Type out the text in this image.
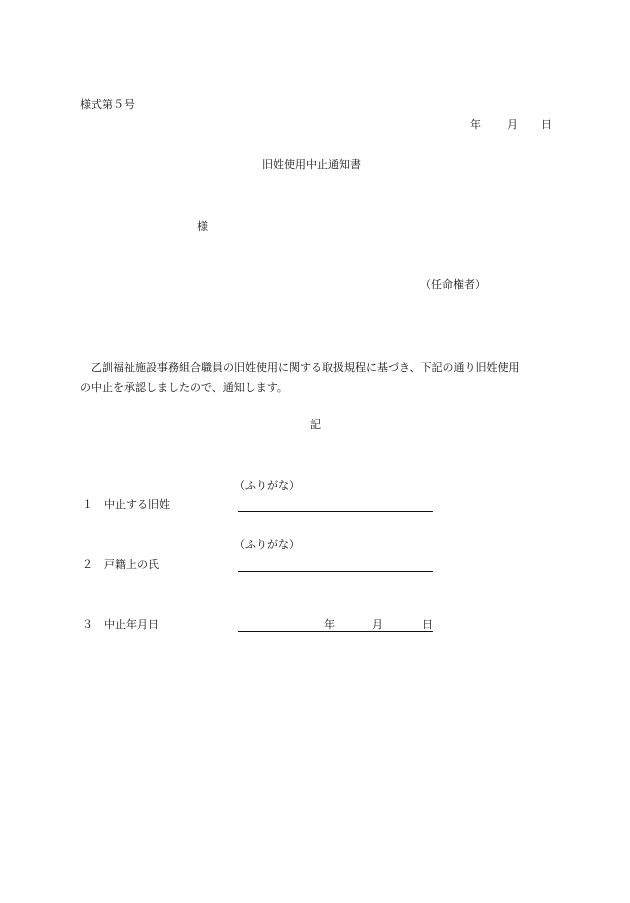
様式第５号
年 月 日
旧姓使用中止通知書
様
（任命権者）

乙訓福祉施設事務組合職員の旧姓使用に関する取扱規程に基づき、下記の通り旧姓使用

の中止を承認しましたので、通知します。

記
（ふりがな）
１ 中止する旧姓
（ふりがな）
２ 戸籍上の氏
３ 中止年月日	年	月	日
